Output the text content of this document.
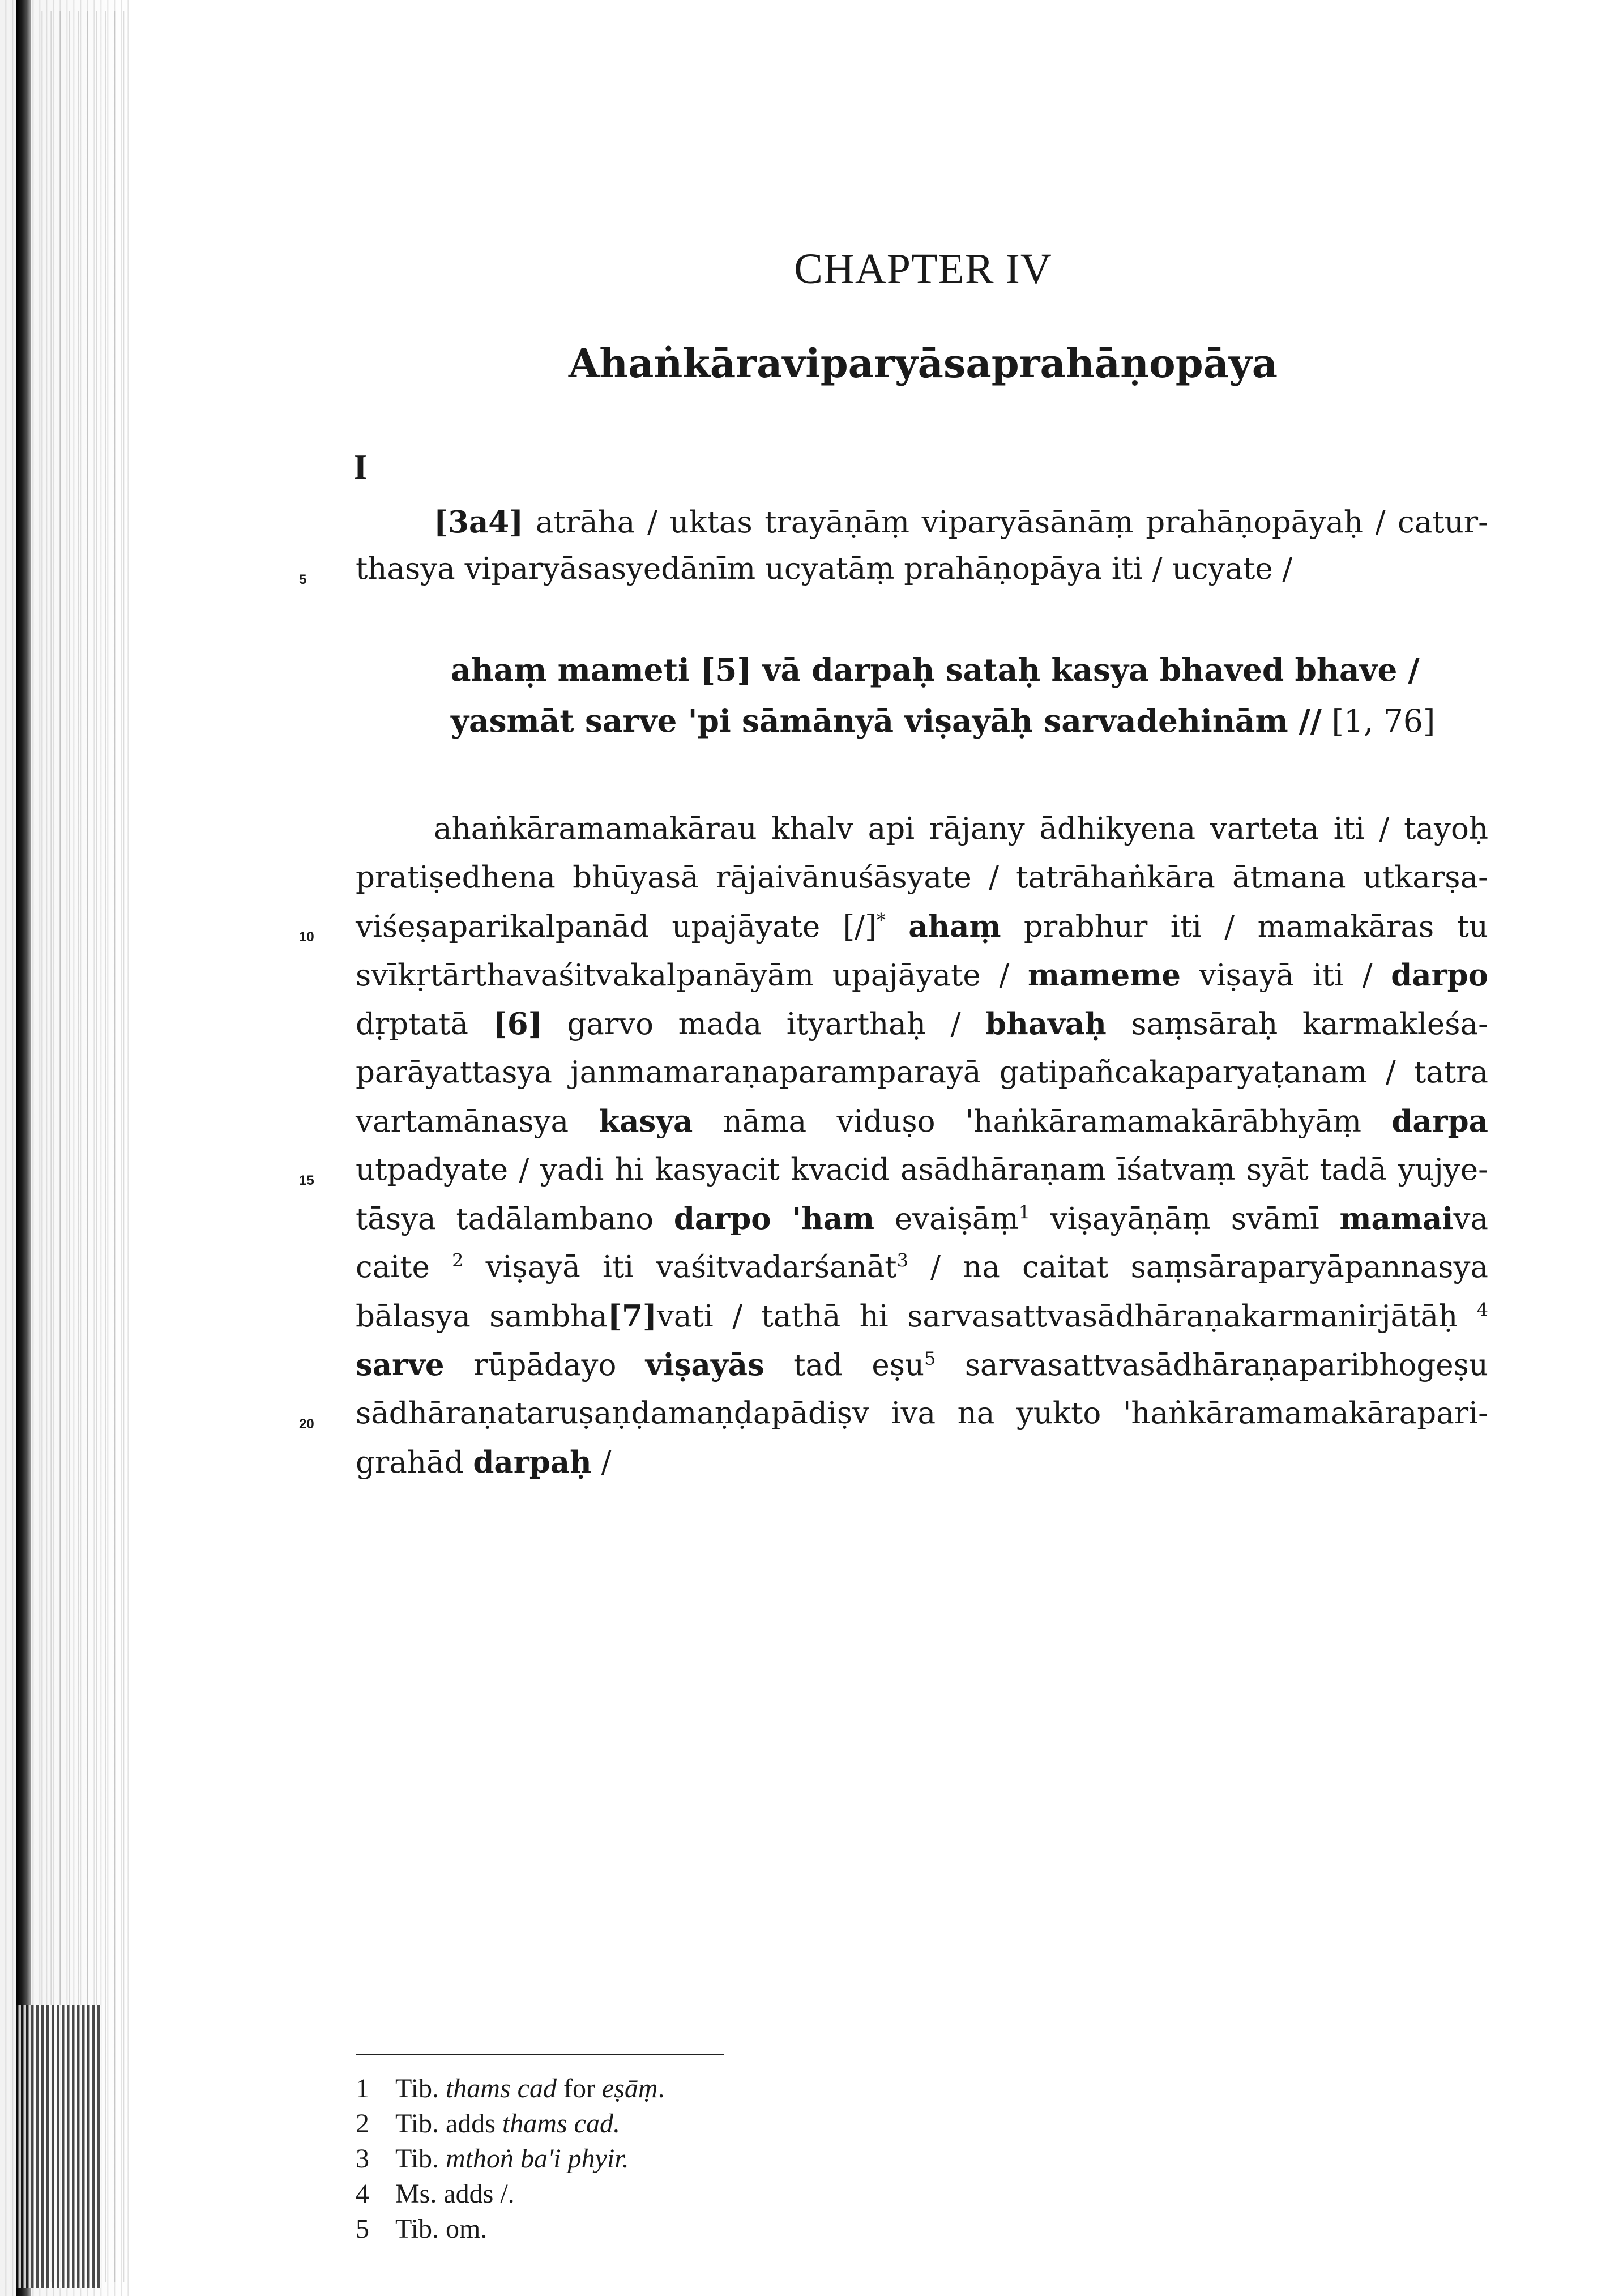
CHAPTER IV
Ahaṅkāraviparyāsaprahāṇopāya
I
[3a4] atrāha / uktas trayāṇāṃ viparyāsānāṃ prahāṇopāyaḥ / catur-
thasya viparyāsasyedānīm ucyatāṃ prahāṇopāya iti / ucyate /
ahaṃ mameti [5] vā darpaḥ sataḥ kasya bhaved bhave /
yasmāt sarve 'pi sāmānyā viṣayāḥ sarvadehinām // [1, 76]
ahaṅkāramamakārau khalv api rājany ādhikyena varteta iti / tayoḥ
pratiṣedhena bhūyasā rājaivānuśāsyate / tatrāhaṅkāra ātmana utkarṣa-
viśeṣaparikalpanād upajāyate [/]* ahaṃ prabhur iti / mamakāras tu
svīkṛtārthavaśitvakalpanāyām upajāyate / mameme viṣayā iti / darpo
dṛptatā [6] garvo mada ityarthaḥ / bhavaḥ saṃsāraḥ karmakleśa-
parāyattasya janmamaraṇaparamparayā gatipañcakaparyaṭanam / tatra
vartamānasya kasya nāma viduṣo 'haṅkāramamakārābhyāṃ darpa
utpadyate / yadi hi kasyacit kvacid asādhāraṇam īśatvaṃ syāt tadā yujye-
tāsya tadālambano darpo 'ham evaiṣāṃ$^1$ viṣayāṇāṃ svāmī mamaiva
caite $^2$ viṣayā iti vaśitvadarśanāt$^3$ / na caitat saṃsāraparyāpannasya
bālasya sambha[7]vati / tathā hi sarvasattvasādhāraṇakarmanirjātāḥ $^4$
sarve rūpādayo viṣayās tad eṣu$^5$ sarvasattvasādhāraṇaparibhogeṣu
sādhāraṇataruṣaṇḍamaṇḍapādiṣv iva na yukto 'haṅkāramamakārapari-
grahād darpaḥ /
5
10
15
20
1 Tib. thams cad for eṣāṃ.
2 Tib. adds thams cad.
3 Tib. mthoṅ ba'i phyir.
4 Ms. adds /.
5 Tib. om.
